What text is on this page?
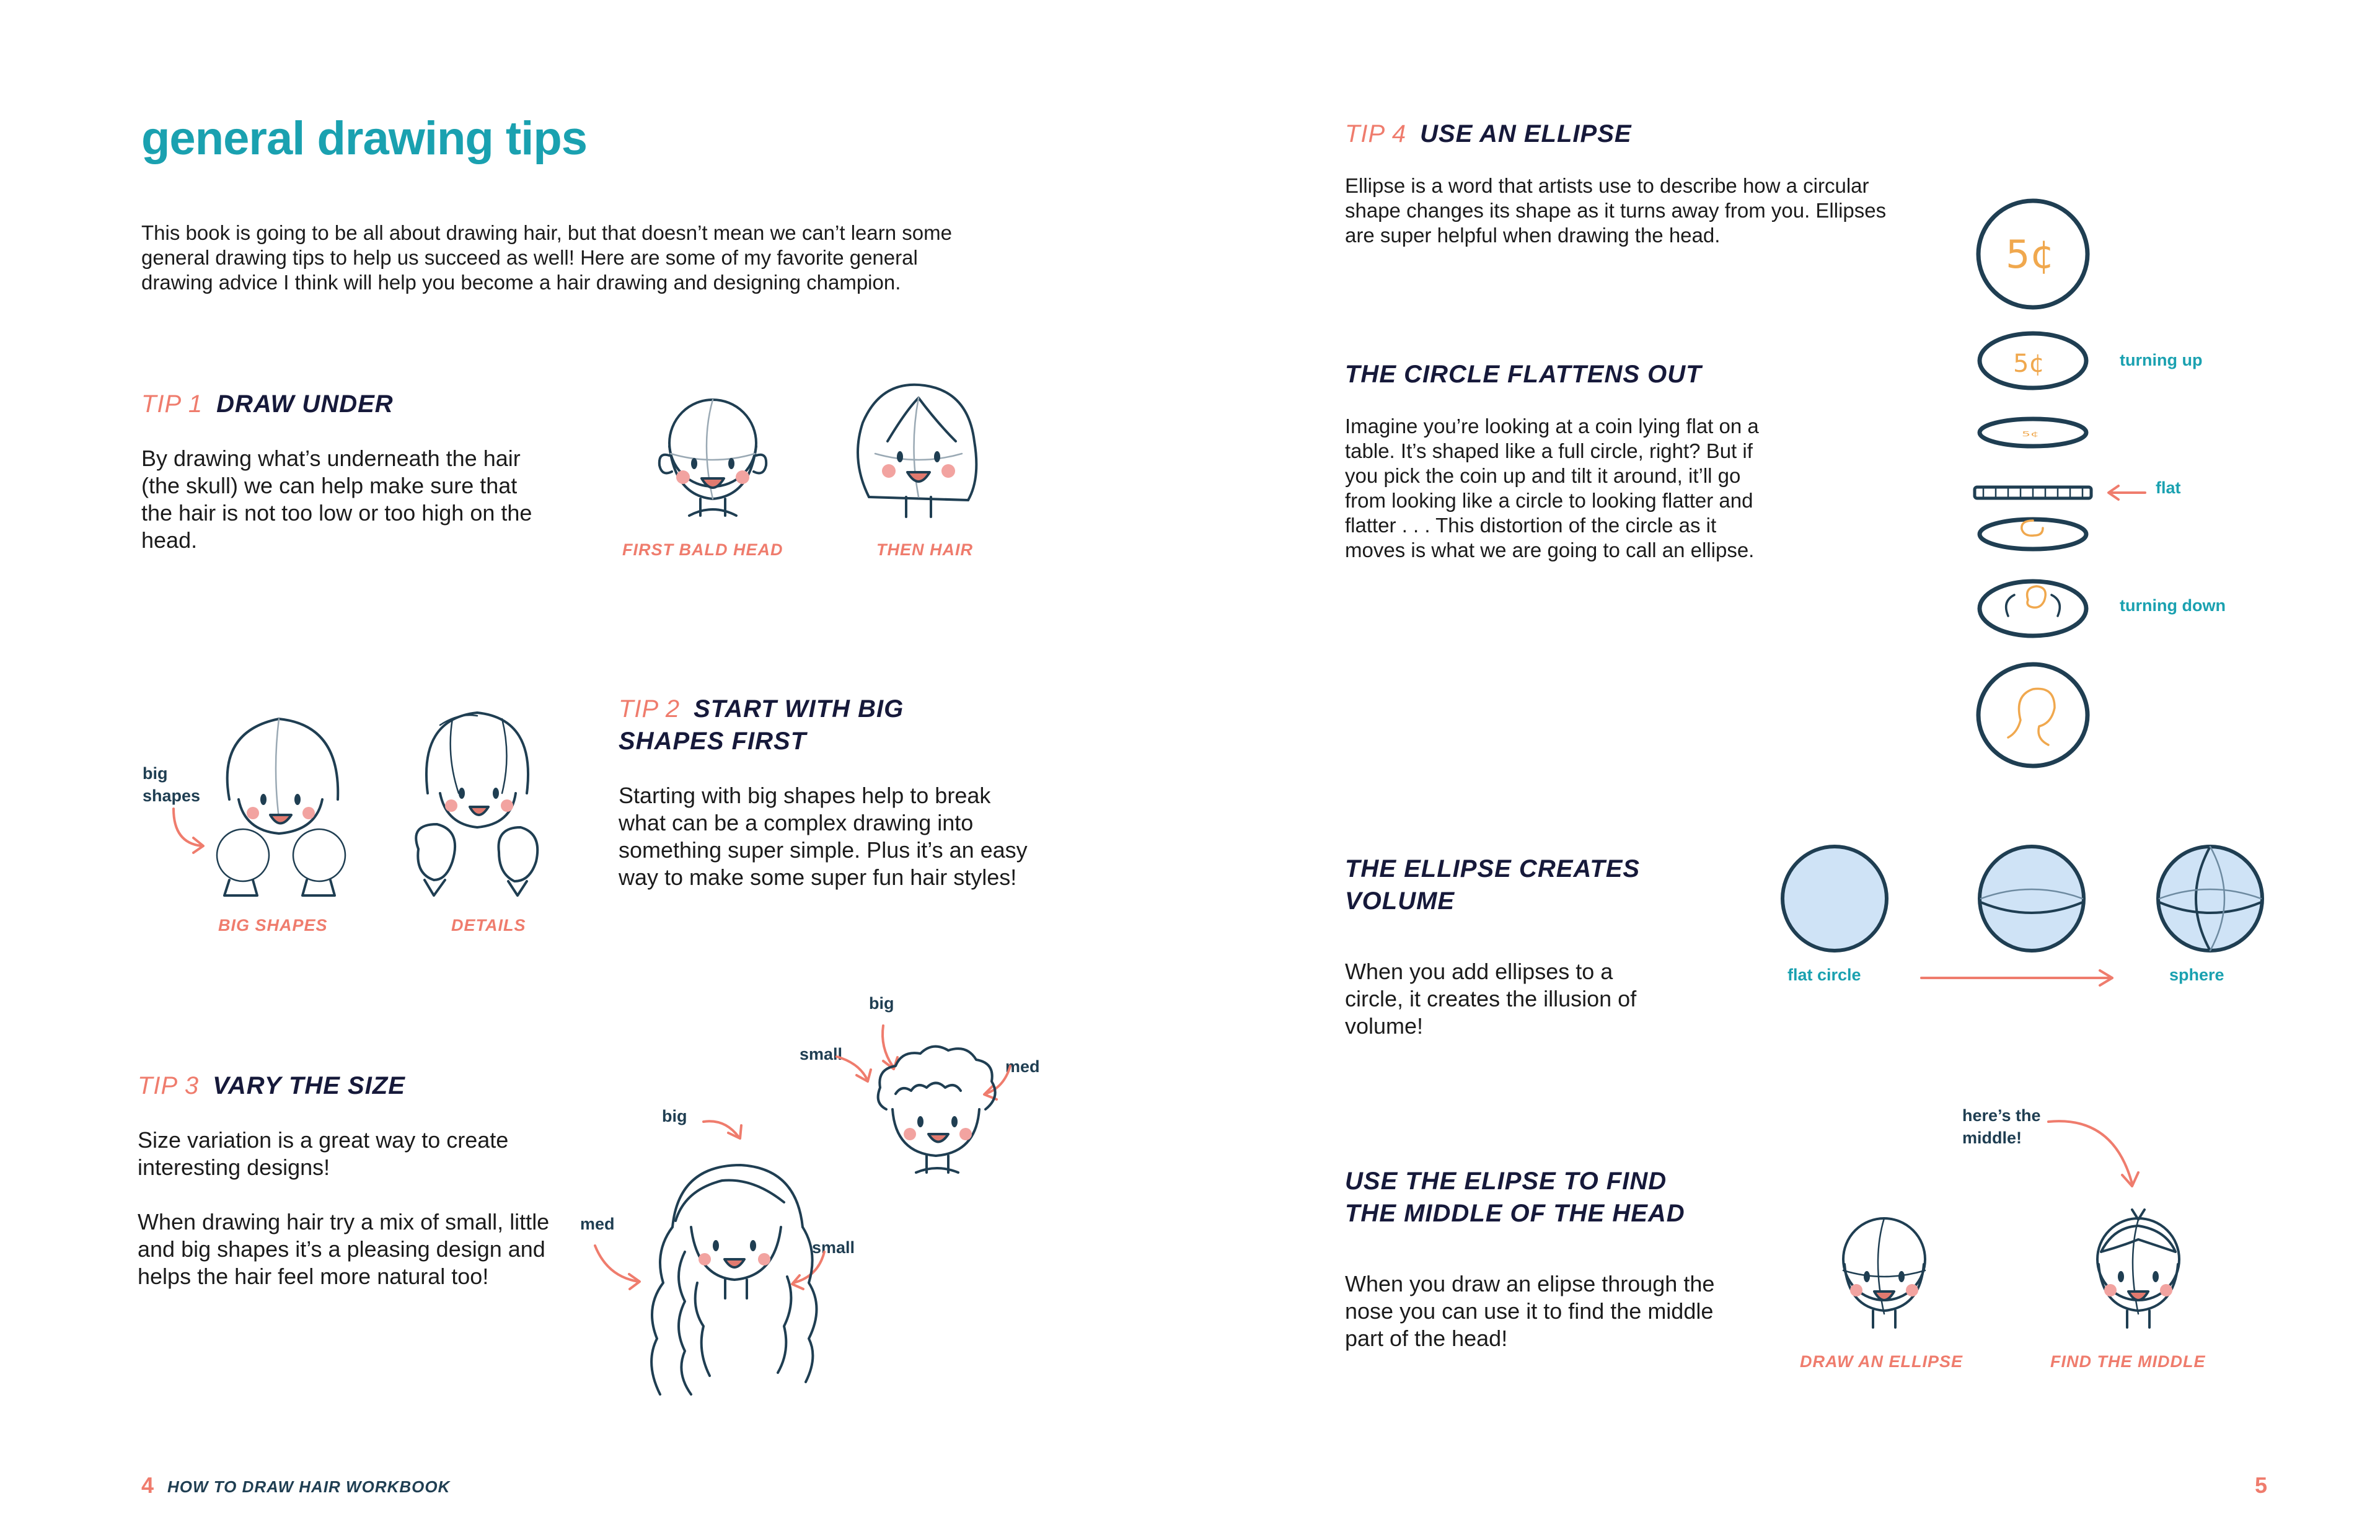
general drawing tips
This book is going to be all about drawing hair, but that doesn’t mean we can’t learn some general drawing tips to help us succeed as well! Here are some of my favorite general drawing advice I think will help you become a hair drawing and designing champion.
TIP 1 DRAW UNDER
By drawing what’s underneath the hair (the skull) we can help make sure that the hair is not too low or too high on the head.	FIRST BALD HEAD	THEN HAIR
big
shapes
BIG SHAPES	DETAILS
TIP 2 START WITH BIG
SHAPES FIRST
Starting with big shapes help to break what can be a complex drawing into something super simple. Plus it’s an easy way to make some super fun hair styles!
TIP 3 VARY THE SIZE
Size variation is a great way to create interesting designs!
When drawing hair try a mix of small, little and big shapes it’s a pleasing design and helps the hair feel more natural too!
big
small
med
big
med
small
4 HOW TO DRAW HAIR WORKBOOK
TIP 4 USE AN ELLIPSE
Ellipse is a word that artists use to describe how a circular shape changes its shape as it turns away from you. Ellipses are super helpful when drawing the head.
THE CIRCLE FLATTENS OUT
Imagine you’re looking at a coin lying flat on a table. It’s shaped like a full circle, right? But if you pick the coin up and tilt it around, it’ll go from looking like a circle to looking flatter and flatter . . . This distortion of the circle as it moves is what we are going to call an ellipse.
5¢
5¢
5¢
turning up
flat
turning down
THE ELLIPSE CREATES
VOLUME
When you add ellipses to a circle, it creates the illusion of volume!
flat circle	sphere
USE THE ELIPSE TO FIND
THE MIDDLE OF THE HEAD
When you draw an elipse through the nose you can use it to find the middle part of the head!
here’s the
middle!
DRAW AN ELLIPSE	FIND THE MIDDLE
5
